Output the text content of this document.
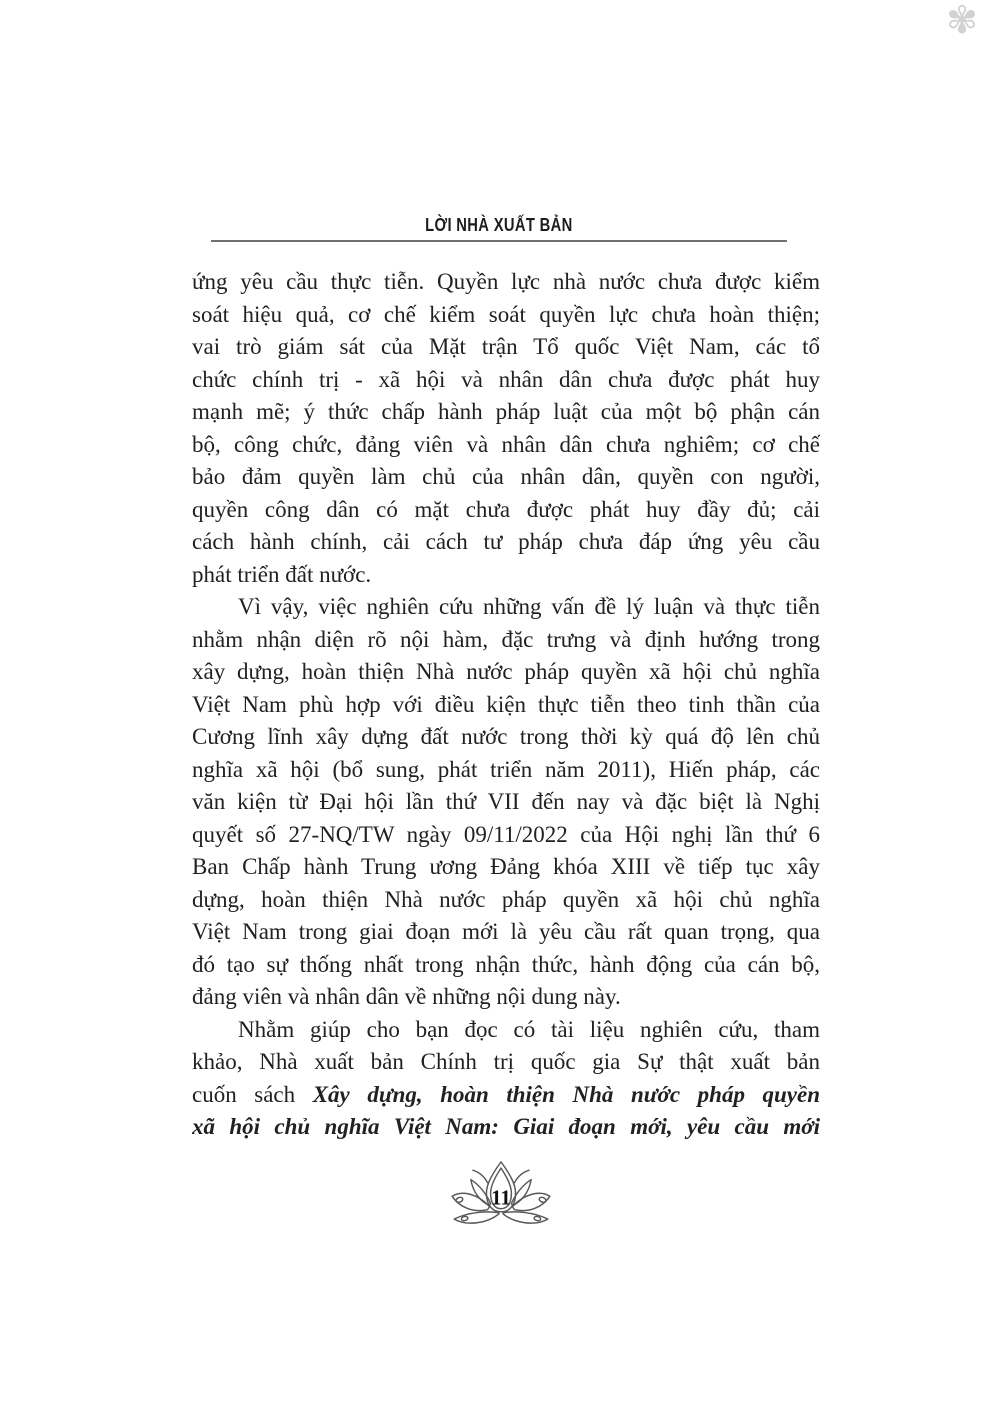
✾
LỜI NHÀ XUẤT BẢN
ứng yêu cầu thực tiễn. Quyền lực nhà nước chưa được kiểm
soát hiệu quả, cơ chế kiểm soát quyền lực chưa hoàn thiện;
vai trò giám sát của Mặt trận Tổ quốc Việt Nam, các tổ
chức chính trị - xã hội và nhân dân chưa được phát huy
mạnh mẽ; ý thức chấp hành pháp luật của một bộ phận cán
bộ, công chức, đảng viên và nhân dân chưa nghiêm; cơ chế
bảo đảm quyền làm chủ của nhân dân, quyền con người,
quyền công dân có mặt chưa được phát huy đầy đủ; cải
cách hành chính, cải cách tư pháp chưa đáp ứng yêu cầu
phát triển đất nước.
Vì vậy, việc nghiên cứu những vấn đề lý luận và thực tiễn
nhằm nhận diện rõ nội hàm, đặc trưng và định hướng trong
xây dựng, hoàn thiện Nhà nước pháp quyền xã hội chủ nghĩa
Việt Nam phù hợp với điều kiện thực tiễn theo tinh thần của
Cương lĩnh xây dựng đất nước trong thời kỳ quá độ lên chủ
nghĩa xã hội (bổ sung, phát triển năm 2011), Hiến pháp, các
văn kiện từ Đại hội lần thứ VII đến nay và đặc biệt là Nghị
quyết số 27-NQ/TW ngày 09/11/2022 của Hội nghị lần thứ 6
Ban Chấp hành Trung ương Đảng khóa XIII về tiếp tục xây
dựng, hoàn thiện Nhà nước pháp quyền xã hội chủ nghĩa
Việt Nam trong giai đoạn mới là yêu cầu rất quan trọng, qua
đó tạo sự thống nhất trong nhận thức, hành động của cán bộ,
đảng viên và nhân dân về những nội dung này.
Nhằm giúp cho bạn đọc có tài liệu nghiên cứu, tham
khảo, Nhà xuất bản Chính trị quốc gia Sự thật xuất bản
cuốn sách Xây dựng, hoàn thiện Nhà nước pháp quyền
xã hội chủ nghĩa Việt Nam: Giai đoạn mới, yêu cầu mới
11
